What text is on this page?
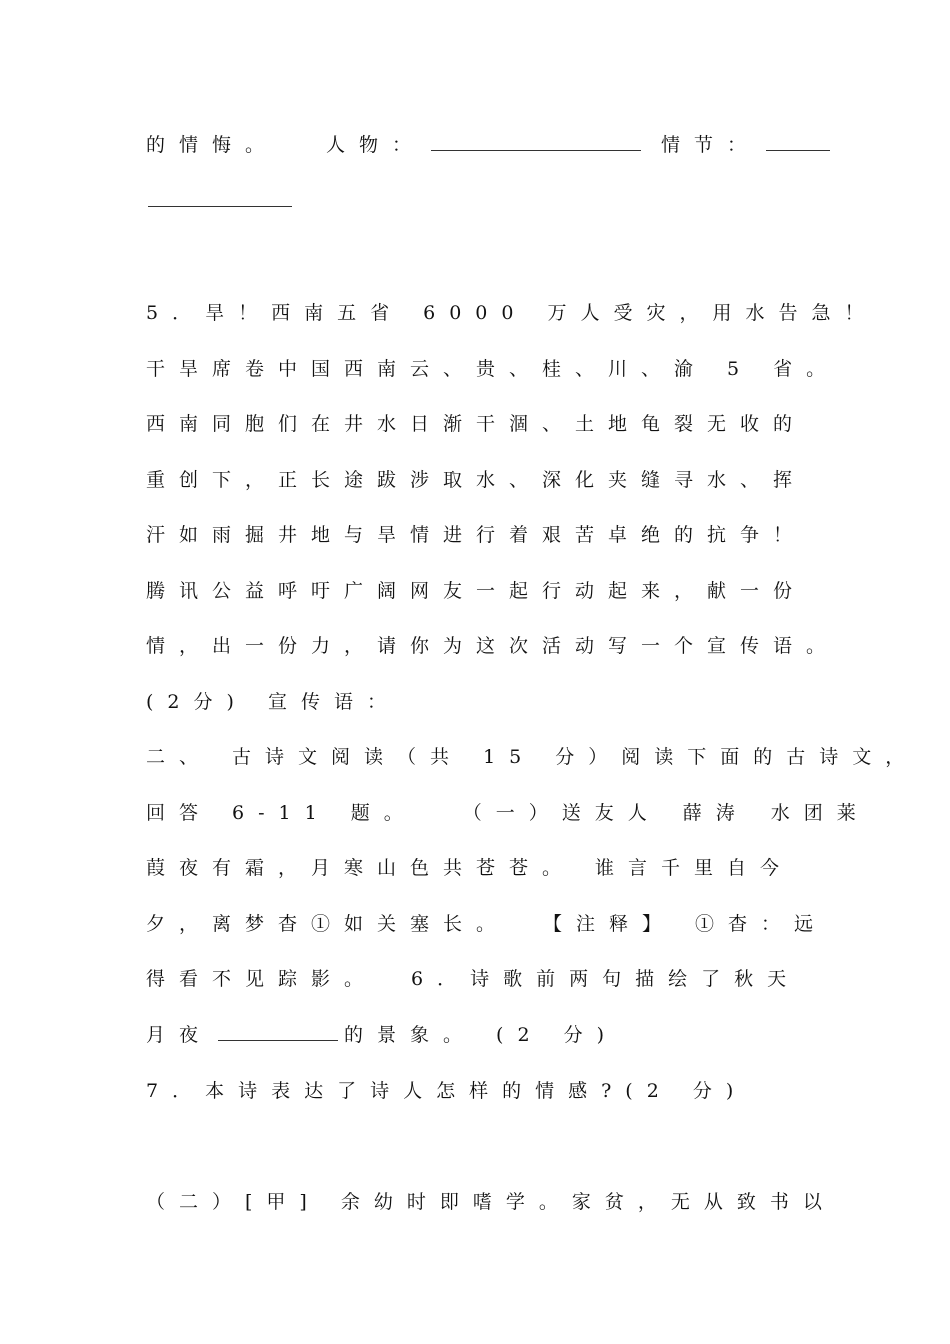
的情悔。	人物：	情节：
5．旱！西南五省 6000 万人受灾，用水告急！
干旱席卷中国西南云、贵、桂、川、渝 5 省。
西南同胞们在井水日渐干涸、土地龟裂无收的
重创下，正长途跋涉取水、深化夹缝寻水、挥
汗如雨掘井地与旱情进行着艰苦卓绝的抗争！
腾讯公益呼吁广阔网友一起行动起来，献一份
情，出一份力，请你为这次活动写一个宣传语。
(2分) 宣传语：
二、 古诗文阅读（共 15 分）阅读下面的古诗文，
回答 6-11 题。 （一）送友人 薛涛 水团莱
葭夜有霜，月寒山色共苍苍。 谁言千里自今
夕，离梦杳①如关塞长。 【注释】 ①杳：远
得看不见踪影。 6．诗歌前两句描绘了秋天
月夜	的景象。 (2 分)
7．本诗表达了诗人怎样的情感?(2 分)
（二）[甲] 余幼时即嗜学。家贫，无从致书以
